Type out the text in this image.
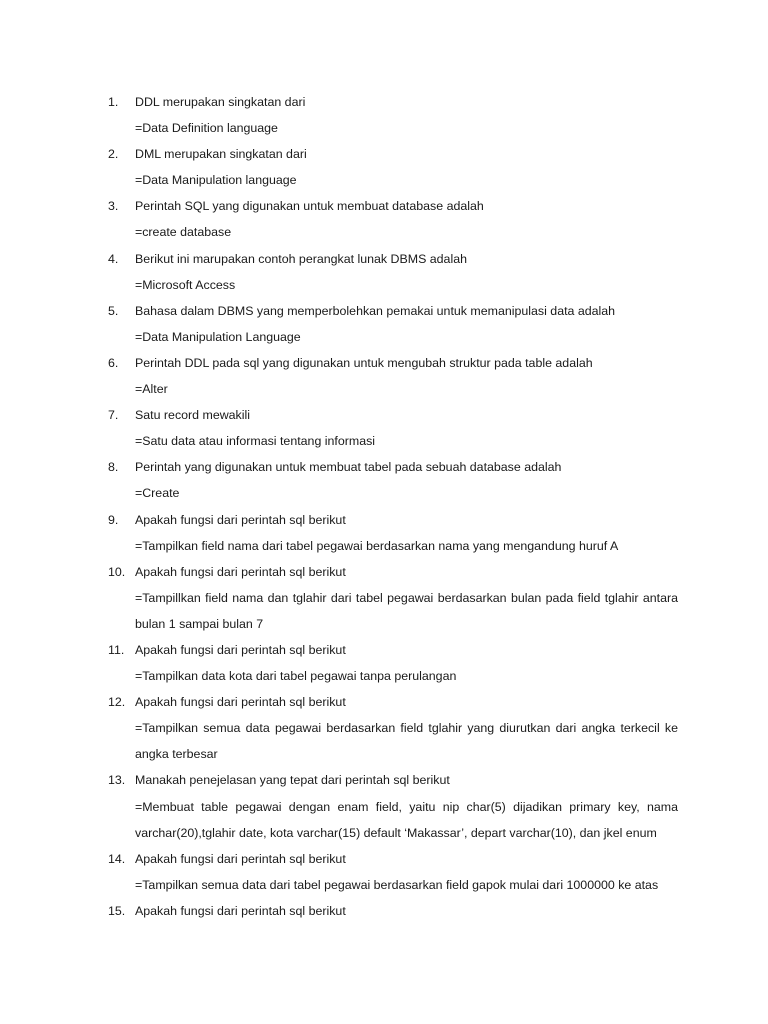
1.	DDL merupakan singkatan dari
=Data Definition language
2.	DML merupakan singkatan dari
=Data Manipulation language
3.	Perintah SQL yang digunakan untuk membuat database adalah
=create database
4.	Berikut ini marupakan contoh perangkat lunak DBMS adalah
=Microsoft Access
5.	Bahasa dalam DBMS yang memperbolehkan pemakai untuk memanipulasi data adalah
=Data Manipulation Language
6.	Perintah DDL pada sql yang digunakan untuk mengubah struktur pada table adalah
=Alter
7.	Satu record mewakili
=Satu data atau informasi tentang informasi
8.	Perintah yang digunakan untuk membuat tabel pada sebuah database adalah
=Create
9.	Apakah fungsi dari perintah sql berikut
=Tampilkan field nama dari tabel pegawai berdasarkan nama yang mengandung huruf A
10. Apakah fungsi dari perintah sql berikut
=Tampillkan field nama dan tglahir dari tabel pegawai berdasarkan bulan pada field tglahir antara bulan 1 sampai bulan 7
11. Apakah fungsi dari perintah sql berikut
=Tampilkan data kota dari tabel pegawai tanpa perulangan
12. Apakah fungsi dari perintah sql berikut
=Tampilkan semua data pegawai berdasarkan field tglahir yang diurutkan dari angka terkecil ke angka terbesar
13. Manakah penejelasan yang tepat dari perintah sql berikut
=Membuat table pegawai dengan enam field, yaitu nip char(5) dijadikan primary key, nama varchar(20),tglahir date, kota varchar(15) default ‘Makassar’, depart varchar(10), dan jkel enum
14. Apakah fungsi dari perintah sql berikut
=Tampilkan semua data dari tabel pegawai berdasarkan field gapok mulai dari 1000000 ke atas
15. Apakah fungsi dari perintah sql berikut
